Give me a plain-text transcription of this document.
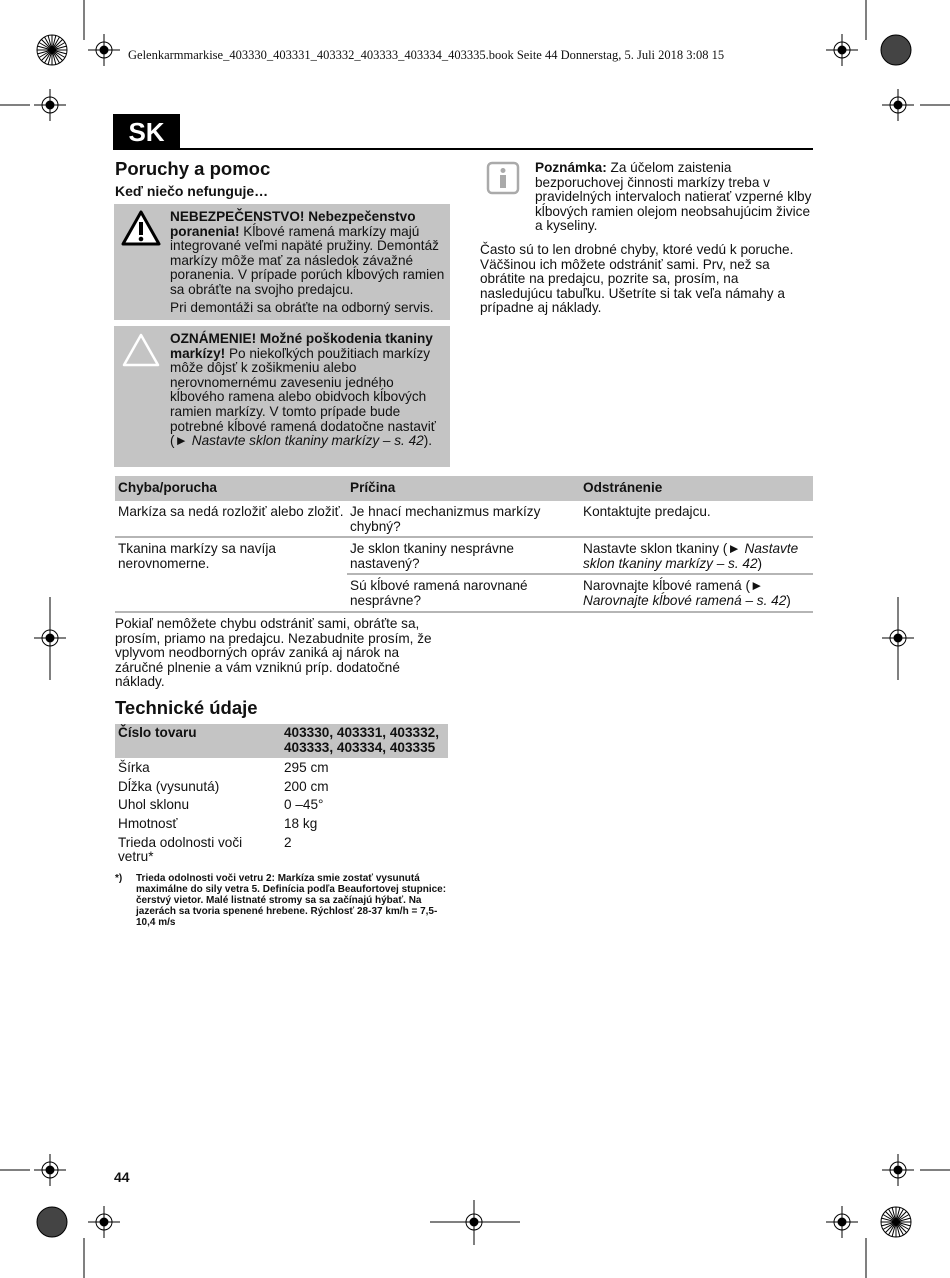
Gelenkarmmarkise_403330_403331_403332_403333_403334_403335.book Seite 44 Donnerstag, 5. Juli 2018 3:08 15
SK
Poruchy a pomoc
Keď niečo nefunguje…

NEBEZPEČENSTVO! Nebezpečenstvo poranenia! Kĺbové ramená markízy majú integrované veľmi napäté pružiny. Demontáž markízy môže mať za následok závažné poranenia. V prípade porúch kĺbových ramien sa obráťte na svojho predajcu.

Pri demontáži sa obráťte na odborný servis.

OZNÁMENIE! Možné poškodenia tkaniny markízy! Po niekoľkých použitiach markízy môže dôjsť k zošikmeniu alebo nerovnomernému zaveseniu jedného kĺbového ramena alebo obidvoch kĺbových ramien markízy. V tomto prípade bude potrebné kĺbové ramená dodatočne nastaviť (► Nastavte sklon tkaniny markízy – s. 42).

Poznámka: Za účelom zaistenia bezporuchovej činnosti markízy treba v pravidelných intervaloch natierať vzperné klby kĺbových ramien olejom neobsahujúcim živice a kyseliny.
Často sú to len drobné chyby, ktoré vedú k poruche. Väčšinou ich môžete odstrániť sami. Prv, než sa obrátite na predajcu, pozrite sa, prosím, na nasledujúcu tabuľku. Ušetríte si tak veľa námahy a prípadne aj náklady.
Chyba/porucha	Príčina	Odstránenie
Markíza sa nedá rozložiť alebo zložiť.	Je hnací mechanizmus markízy chybný?	Kontaktujte predajcu.
Tkanina markízy sa navíja nerovnomerne.	Je sklon tkaniny nesprávne nastavený?	Nastavte sklon tkaniny (► Nastavte sklon tkaniny markízy – s. 42)
	Sú kĺbové ramená narovnané nesprávne?	Narovnajte kĺbové ramená (► Narovnajte kĺbové ramená – s. 42)
Pokiaľ nemôžete chybu odstrániť sami, obráťte sa, prosím, priamo na predajcu. Nezabudnite prosím, že vplyvom neodborných opráv zaniká aj nárok na záručné plnenie a vám vzniknú príp. dodatočné náklady.
Technické údaje
Číslo tovaru	403330, 403331, 403332, 403333, 403334, 403335
Šírka	295 cm
Dĺžka (vysunutá)	200 cm
Uhol sklonu	0 –45°
Hmotnosť	18 kg
Trieda odolnosti voči vetru*	2
*) Trieda odolnosti voči vetru 2: Markíza smie zostať vysunutá maximálne do sily vetra 5. Definícia podľa Beaufortovej stupnice: čerstvý vietor. Malé listnaté stromy sa sa začínajú hýbať. Na jazerách sa tvoria spenené hrebene. Rýchlosť 28-37 km/h = 7,5-10,4 m/s
44
